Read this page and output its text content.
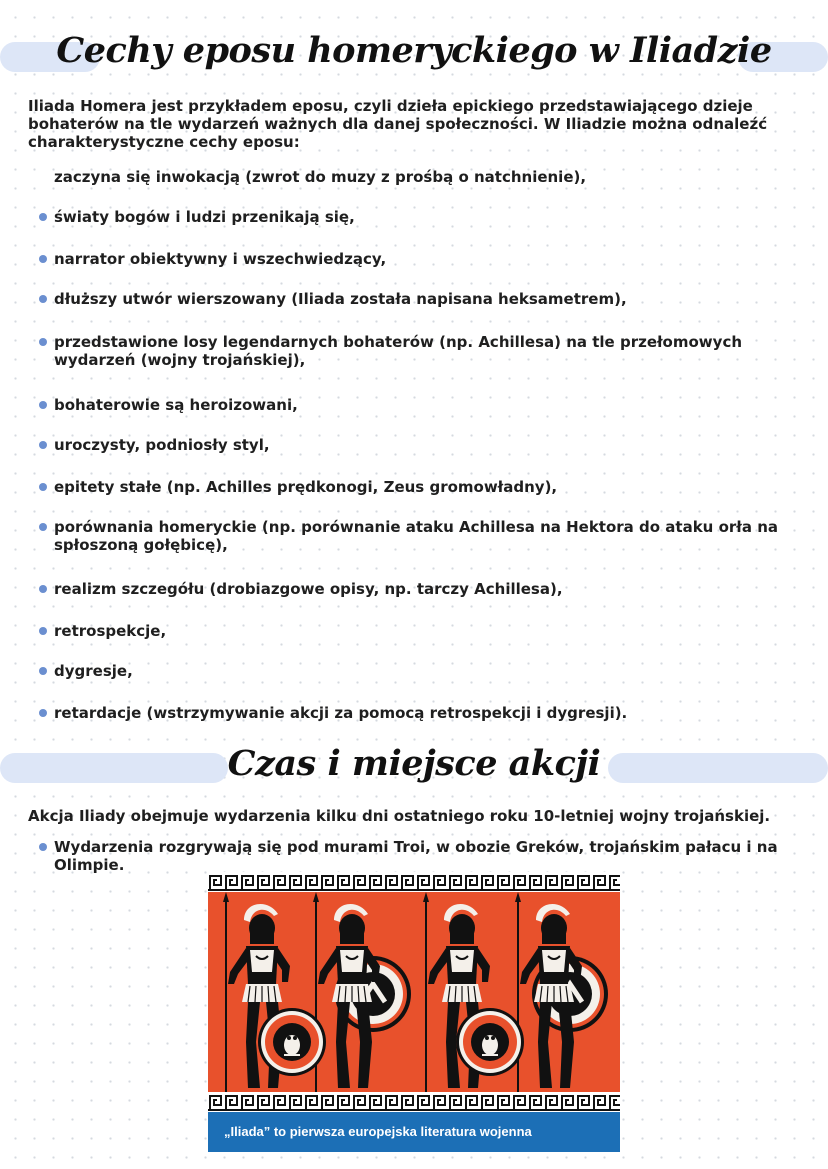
Cechy eposu homeryckiego w Iliadzie

Iliada Homera jest przykładem eposu, czyli dzieła epickiego przedstawiającego dzieje bohaterów na tle wydarzeń ważnych dla danej społeczności. W Iliadzie można odnaleźć charakterystyczne cechy eposu:

zaczyna się inwokacją (zwrot do muzy z prośbą o natchnienie),
światy bogów i ludzi przenikają się,
narrator obiektywny i wszechwiedzący,
dłuższy utwór wierszowany (Iliada została napisana heksametrem),
przedstawione losy legendarnych bohaterów (np. Achillesa) na tle przełomowych wydarzeń (wojny trojańskiej),
bohaterowie są heroizowani,
uroczysty, podniosły styl,
epitety stałe (np. Achilles prędkonogi, Zeus gromowładny),
porównania homeryckie (np. porównanie ataku Achillesa na Hektora do ataku orła na spłoszoną gołębicę),
realizm szczegółu (drobiazgowe opisy, np. tarczy Achillesa),
retrospekcje,
dygresje,
retardacje (wstrzymywanie akcji za pomocą retrospekcji i dygresji).
Czas i miejsce akcji

Akcja Iliady obejmuje wydarzenia kilku dni ostatniego roku 10-letniej wojny trojańskiej.

Wydarzenia rozgrywają się pod murami Troi, w obozie Greków, trojańskim pałacu i na Olimpie.
„Iliada” to pierwsza europejska literatura wojenna
